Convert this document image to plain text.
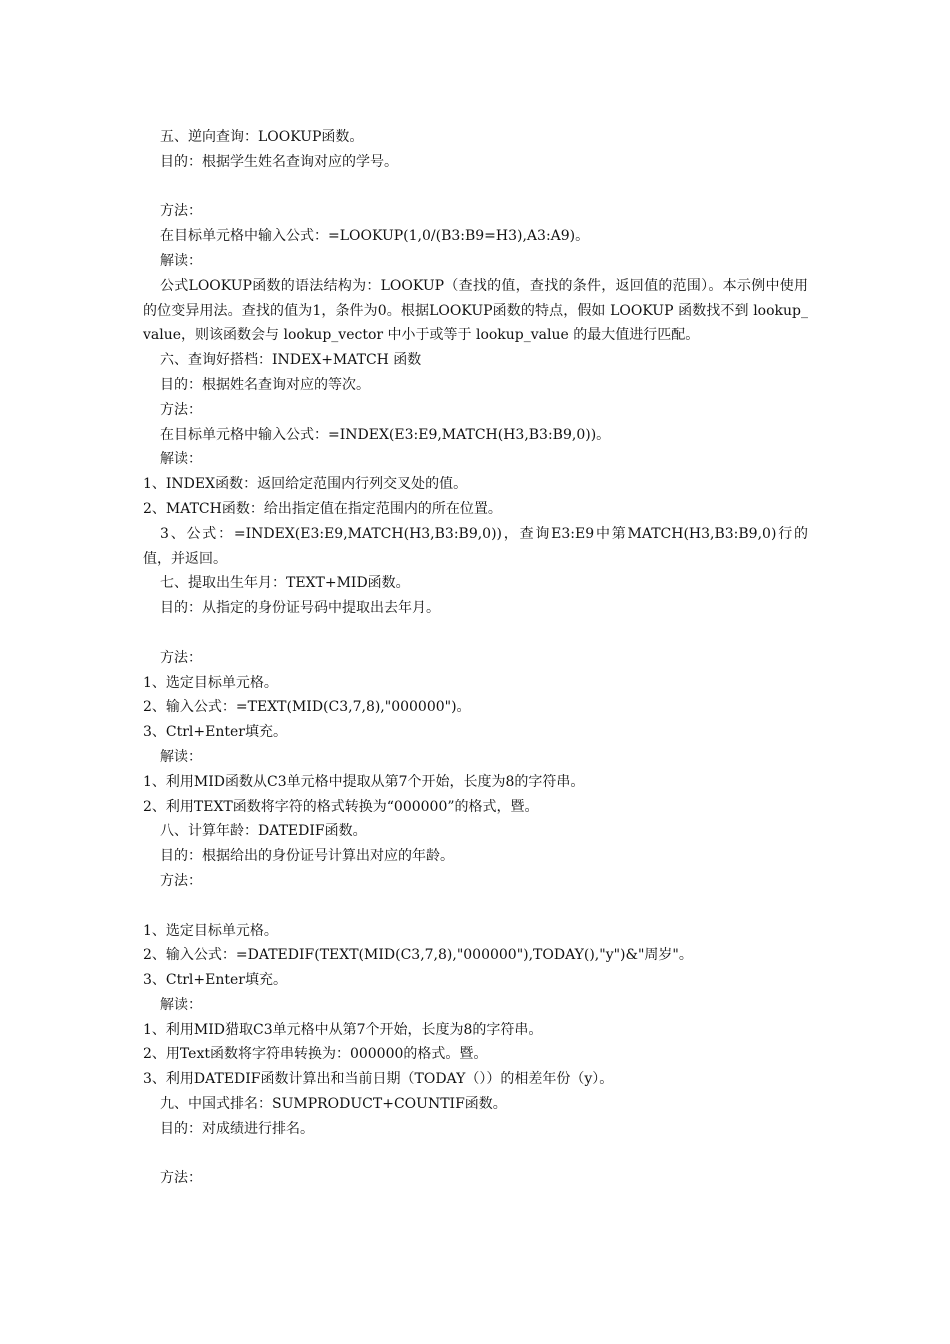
五、逆向查询：LOOKUP函数。
目的：根据学生姓名查询对应的学号。
方法：
在目标单元格中输入公式：=LOOKUP(1,0/(B3:B9=H3),A3:A9)。
解读：
公式LOOKUP函数的语法结构为：LOOKUP（查找的值，查找的条件，返回值的范围）。本示例中使用的位变异用法。查找的值为1，条件为0。根据LOOKUP函数的特点，假如 LOOKUP 函数找不到 lookup_value，则该函数会与 lookup_vector 中小于或等于 lookup_value 的最大值进行匹配。
六、查询好搭档：INDEX+MATCH 函数
目的：根据姓名查询对应的等次。
方法：
在目标单元格中输入公式：=INDEX(E3:E9,MATCH(H3,B3:B9,0))。
解读：
1、INDEX函数：返回给定范围内行列交叉处的值。
2、MATCH函数：给出指定值在指定范围内的所在位置。
3、公式：=INDEX(E3:E9,MATCH(H3,B3:B9,0))，查询E3:E9中第MATCH(H3,B3:B9,0)行的值，并返回。
七、提取出生年月：TEXT+MID函数。
目的：从指定的身份证号码中提取出去年月。
方法：
1、选定目标单元格。
2、输入公式：=TEXT(MID(C3,7,8),"000000")。
3、Ctrl+Enter填充。
解读：
1、利用MID函数从C3单元格中提取从第7个开始，长度为8的字符串。
2、利用TEXT函数将字符的格式转换为“000000”的格式，暨。
八、计算年龄：DATEDIF函数。
目的：根据给出的身份证号计算出对应的年龄。
方法：
1、选定目标单元格。
2、输入公式：=DATEDIF(TEXT(MID(C3,7,8),"000000"),TODAY(),"y")&"周岁"。
3、Ctrl+Enter填充。
解读：
1、利用MID猎取C3单元格中从第7个开始，长度为8的字符串。
2、用Text函数将字符串转换为：000000的格式。暨。
3、利用DATEDIF函数计算出和当前日期（TODAY（））的相差年份（y）。
九、中国式排名：SUMPRODUCT+COUNTIF函数。
目的：对成绩进行排名。
方法：
